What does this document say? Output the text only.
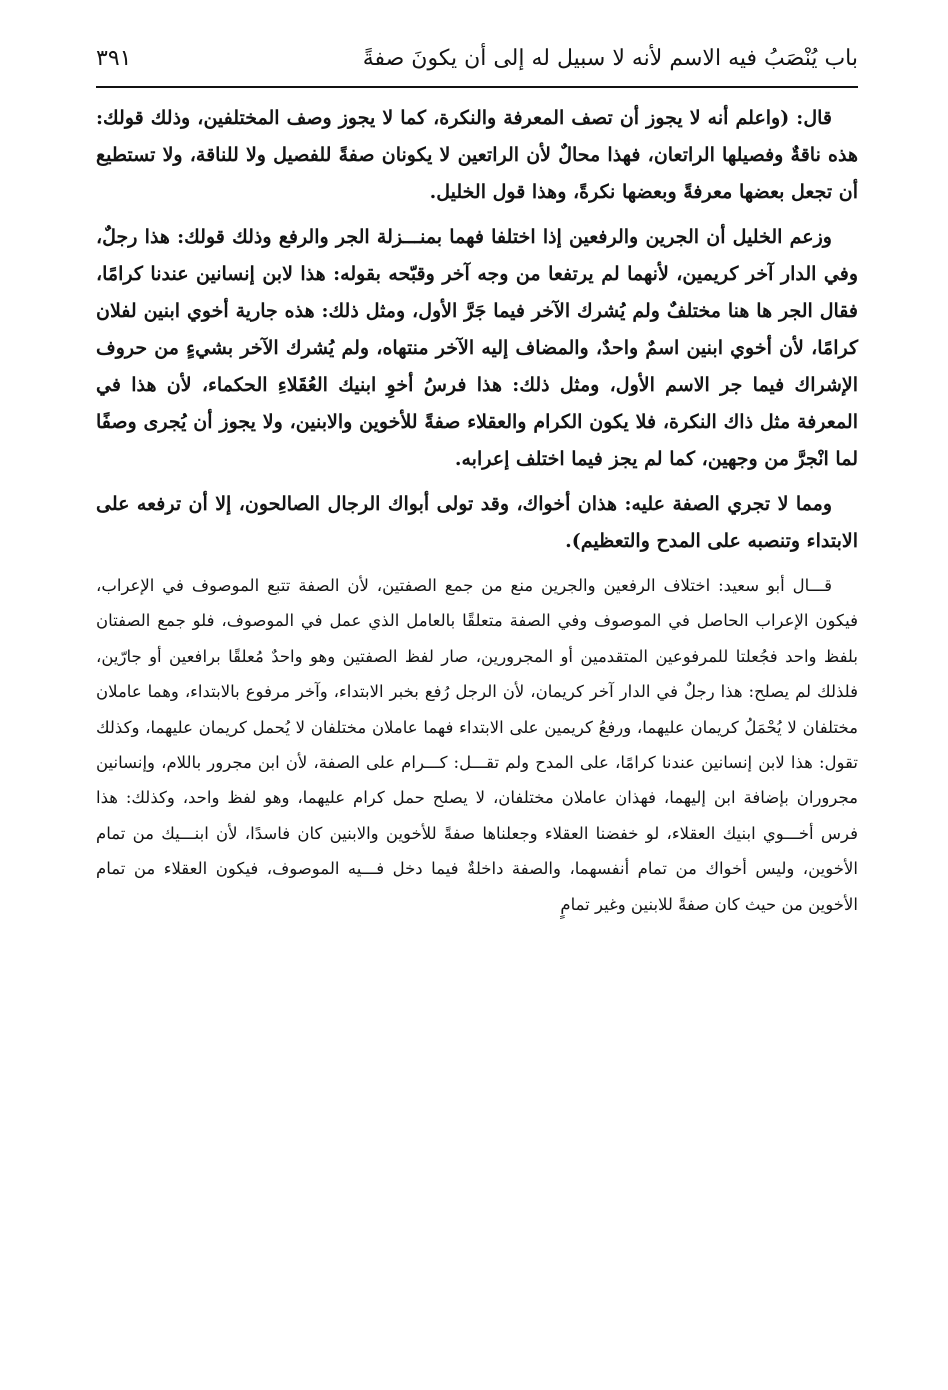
باب يُنْصَبُ فيه الاسم لأنه لا سبيل له إلى أن يكونَ صفةً
٣٩١

قال: (واعلم أنه لا يجوز أن تصف المعرفة والنكرة، كما لا يجوز وصف المختلفين، وذلك قولك: هذه ناقةٌ وفصيلها الراتعان، فهذا محالٌ لأن الراتعين لا يكونان صفةً للفصيل ولا للناقة، ولا تستطيع أن تجعل بعضها معرفةً وبعضها نكرةً، وهذا قول الخليل.

وزعم الخليل أن الجرين والرفعين إذا اختلفا فهما بمنـــزلة الجر والرفع وذلك قولك: هذا رجلٌ، وفي الدار آخر كريمين، لأنهما لم يرتفعا من وجه آخر وقبّحه بقوله: هذا لابن إنسانين عندنا كرامًا، فقال الجر ها هنا مختلفٌ ولم يُشرك الآخر فيما جَرَّ الأول، ومثل ذلك: هذه جارية أخوي ابنين لفلان كرامًا، لأن أخوي ابنين اسمٌ واحدٌ، والمضاف إليه الآخر منتهاه، ولم يُشرك الآخر بشيءٍ من حروف الإشراك فيما جر الاسم الأول، ومثل ذلك: هذا فرسُ أخوِ ابنيك العُقَلاءِ الحكماء، لأن هذا في المعرفة مثل ذاك النكرة، فلا يكون الكرام والعقلاء صفةً للأخوين والابنين، ولا يجوز أن يُجرى وصفًا لما انْجرَّ من وجهين، كما لم يجز فيما اختلف إعرابه.

ومما لا تجري الصفة عليه: هذان أخواك، وقد تولى أبواك الرجال الصالحون، إلا أن ترفعه على الابتداء وتنصبه على المدح والتعظيم).

قـــال أبو سعيد: اختلاف الرفعين والجرين منع من جمع الصفتين، لأن الصفة تتبع الموصوف في الإعراب، فيكون الإعراب الحاصل في الموصوف وفي الصفة متعلقًا بالعامل الذي عمل في الموصوف، فلو جمع الصفتان بلفظ واحد فجُعلتا للمرفوعين المتقدمين أو المجرورين، صار لفظ الصفتين وهو واحدٌ مُعلقًا برافعين أو جارّين، فلذلك لم يصلح: هذا رجلٌ في الدار آخر كريمان، لأن الرجل رُفع بخبر الابتداء، وآخر مرفوع بالابتداء، وهما عاملان مختلفان لا يُحْمَلُ كريمان عليهما، ورفعُ كريمين على الابتداء فهما عاملان مختلفان لا يُحمل كريمان عليهما، وكذلك تقول: هذا لابن إنسانين عندنا كرامًا، على المدح ولم تقـــل: كـــرام على الصفة، لأن ابن مجرور باللام، وإنسانين مجروران بإضافة ابن إليهما، فهذان عاملان مختلفان، لا يصلح حمل كرام عليهما، وهو لفظ واحد، وكذلك: هذا فرس أخـــوي ابنيك العقلاء، لو خفضنا العقلاء وجعلناها صفةً للأخوين والابنين كان فاسدًا، لأن ابنـــيك من تمام الأخوين، وليس أخواك من تمام أنفسهما، والصفة داخلةٌ فيما دخل فـــيه الموصوف، فيكون العقلاء من تمام الأخوين من حيث كان صفةً للابنين وغير تمامٍ
